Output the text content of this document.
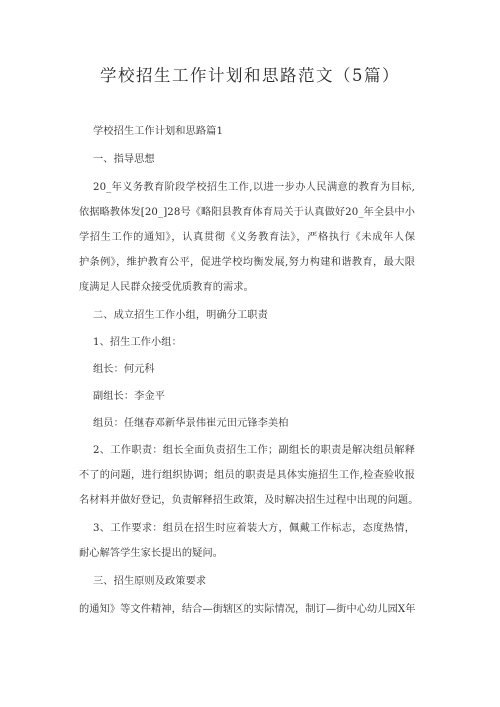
学校招生工作计划和思路范文（5篇）
学校招生工作计划和思路篇1
一、指导思想
20_年义务教育阶段学校招生工作,以进一步办人民满意的教育为目标,
依据略教体发[20_]28号《略阳县教育体育局关于认真做好20_年全县中小
学招生工作的通知》，认真贯彻《义务教育法》，严格执行《未成年人保
护条例》，维护教育公平，促进学校均衡发展,努力构建和谐教育，最大限
度满足人民群众接受优质教育的需求。
二、成立招生工作小组，明确分工职责
1、招生工作小组：
组长：何元科
副组长：李金平
组员：任继春邓新华景伟崔元田元锋李美柏
2、工作职责：组长全面负责招生工作；副组长的职责是解决组员解释
不了的问题，进行组织协调；组员的职责是具体实施招生工作,检查验收报
名材料并做好登记，负责解释招生政策，及时解决招生过程中出现的问题。
3、工作要求：组员在招生时应着装大方，佩戴工作标志，态度热情，
耐心解答学生家长提出的疑问。
三、招生原则及政策要求
的通知》等文件精神，结合—街辖区的实际情况，制订—街中心幼儿园X年
